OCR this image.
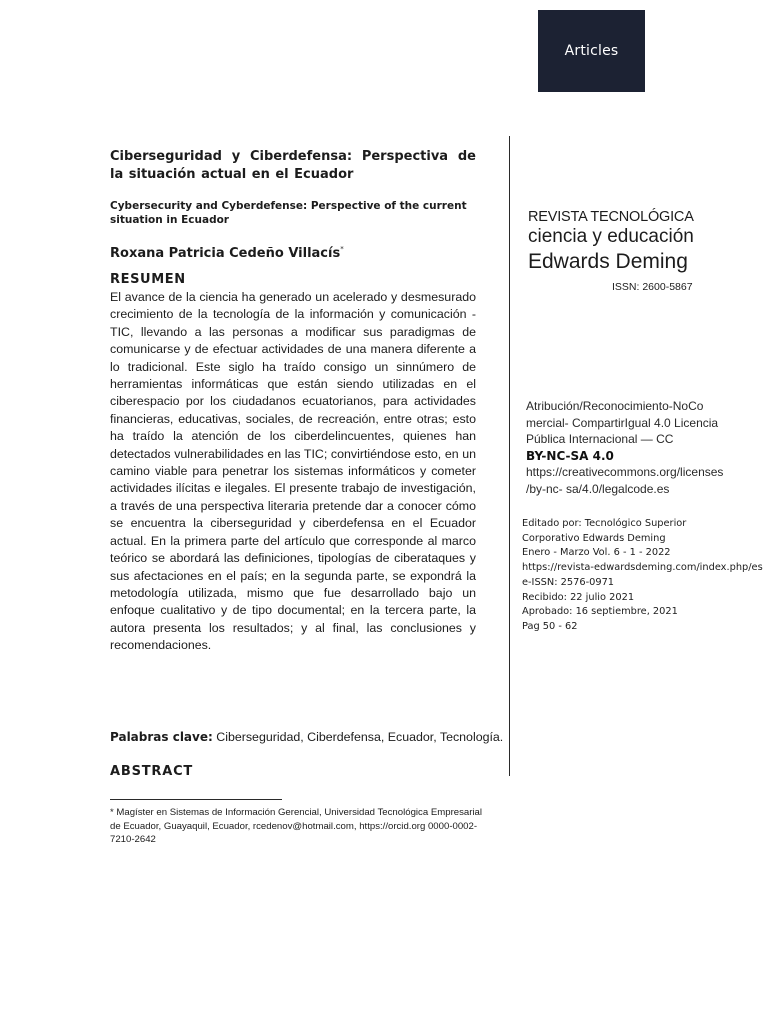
Articles

Ciberseguridad y Ciberdefensa: Perspectiva de la situación actual en el Ecuador

Cybersecurity and Cyberdefense: Perspective of the current situation in Ecuador

Roxana Patricia Cedeño Villacís*

RESUMEN

El avance de la ciencia ha generado un acelerado y desmesurado crecimiento de la tecnología de la información y comunicación - TIC, llevando a las personas a modificar sus paradigmas de comunicarse y de efectuar actividades de una manera diferente a lo tradicional. Este siglo ha traído consigo un sinnúmero de herramientas informáticas que están siendo utilizadas en el ciberespacio por los ciudadanos ecuatorianos, para actividades financieras, educativas, sociales, de recreación, entre otras; esto ha traído la atención de los ciberdelincuentes, quienes han detectados vulnerabilidades en las TIC; convirtiéndose esto, en un camino viable para penetrar los sistemas informáticos y cometer actividades ilícitas e ilegales. El presente trabajo de investigación, a través de una perspectiva literaria pretende dar a conocer cómo se encuentra la ciberseguridad y ciberdefensa en el Ecuador actual. En la primera parte del artículo que corresponde al marco teórico se abordará las definiciones, tipologías de ciberataques y sus afectaciones en el país; en la segunda parte, se expondrá la metodología utilizada, mismo que fue desarrollado bajo un enfoque cualitativo y de tipo documental; en la tercera parte, la autora presenta los resultados; y al final, las conclusiones y recomendaciones.

Palabras clave: Ciberseguridad, Ciberdefensa, Ecuador, Tecnología.

ABSTRACT

* Magíster en Sistemas de Información Gerencial, Universidad Tecnológica Empresarial de Ecuador, Guayaquil, Ecuador, rcedenov@hotmail.com, https://orcid.org 0000-0002-7210-2642

REVISTA TECNOLÓGICA
ciencia y educación
Edwards Deming

ISSN: 2600-5867

Atribución/Reconocimiento-NoCo
mercial- CompartirIgual 4.0 Licencia
Pública Internacional — CC
BY-NC-SA 4.0
https://creativecommons.org/licenses
/by-nc- sa/4.0/legalcode.es
Editado por: Tecnológico Superior
Corporativo Edwards Deming
Enero - Marzo Vol. 6 - 1 - 2022
https://revista-edwardsdeming.com/index.php/es
e-ISSN: 2576-0971
Recibido: 22 julio 2021
Aprobado: 16 septiembre, 2021
Pag 50 - 62
